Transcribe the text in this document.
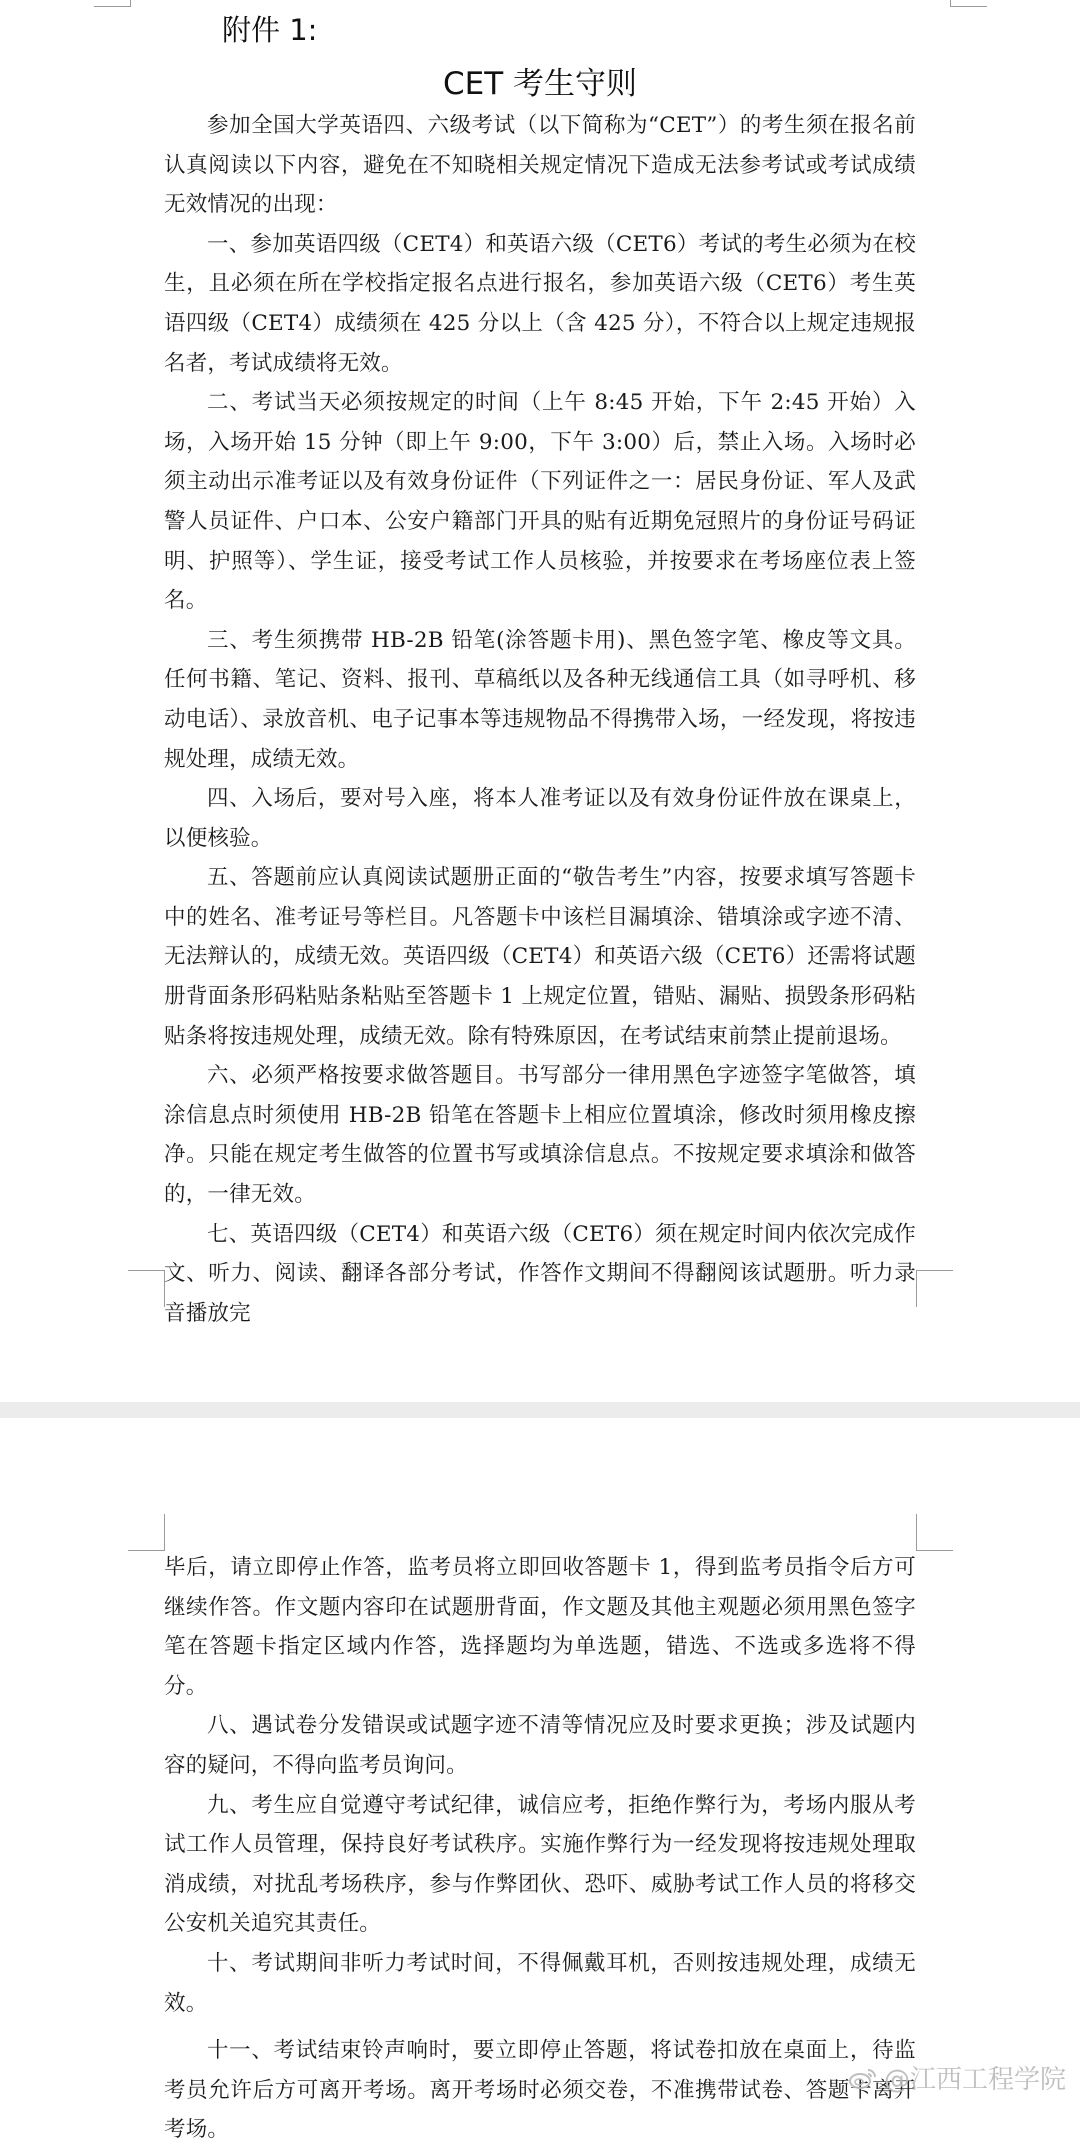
附件 1:
CET 考生守则

参加全国大学英语四、六级考试（以下简称为“CET”）的考生须在报名前认真阅读以下内容，避免在不知晓相关规定情况下造成无法参考试或考试成绩无效情况的出现：

一、参加英语四级（CET4）和英语六级（CET6）考试的考生必须为在校生，且必须在所在学校指定报名点进行报名，参加英语六级（CET6）考生英语四级（CET4）成绩须在 425 分以上（含 425 分），不符合以上规定违规报名者，考试成绩将无效。

二、考试当天必须按规定的时间（上午 8:45 开始，下午 2:45 开始）入场，入场开始 15 分钟（即上午 9:00，下午 3:00）后，禁止入场。入场时必须主动出示准考证以及有效身份证件（下列证件之一：居民身份证、军人及武警人员证件、户口本、公安户籍部门开具的贴有近期免冠照片的身份证号码证明、护照等）、学生证，接受考试工作人员核验，并按要求在考场座位表上签名。

三、考生须携带 HB-2B 铅笔(涂答题卡用)、黑色签字笔、橡皮等文具。任何书籍、笔记、资料、报刊、草稿纸以及各种无线通信工具（如寻呼机、移动电话）、录放音机、电子记事本等违规物品不得携带入场，一经发现，将按违规处理，成绩无效。

四、入场后，要对号入座，将本人准考证以及有效身份证件放在课桌上，以便核验。

五、答题前应认真阅读试题册正面的“敬告考生”内容，按要求填写答题卡中的姓名、准考证号等栏目。凡答题卡中该栏目漏填涂、错填涂或字迹不清、无法辩认的，成绩无效。英语四级（CET4）和英语六级（CET6）还需将试题册背面条形码粘贴条粘贴至答题卡 1 上规定位置，错贴、漏贴、损毁条形码粘贴条将按违规处理，成绩无效。除有特殊原因，在考试结束前禁止提前退场。

六、必须严格按要求做答题目。书写部分一律用黑色字迹签字笔做答，填涂信息点时须使用 HB-2B 铅笔在答题卡上相应位置填涂，修改时须用橡皮擦净。只能在规定考生做答的位置书写或填涂信息点。不按规定要求填涂和做答的，一律无效。

七、英语四级（CET4）和英语六级（CET6）须在规定时间内依次完成作文、听力、阅读、翻译各部分考试，作答作文期间不得翻阅该试题册。听力录音播放完

毕后，请立即停止作答，监考员将立即回收答题卡 1，得到监考员指令后方可继续作答。作文题内容印在试题册背面，作文题及其他主观题必须用黑色签字笔在答题卡指定区域内作答，选择题均为单选题，错选、不选或多选将不得分。

八、遇试卷分发错误或试题字迹不清等情况应及时要求更换；涉及试题内容的疑问，不得向监考员询问。

九、考生应自觉遵守考试纪律，诚信应考，拒绝作弊行为，考场内服从考试工作人员管理，保持良好考试秩序。实施作弊行为一经发现将按违规处理取消成绩，对扰乱考场秩序，参与作弊团伙、恐吓、威胁考试工作人员的将移交公安机关追究其责任。

十、考试期间非听力考试时间，不得佩戴耳机，否则按违规处理，成绩无效。

十一、考试结束铃声响时，要立即停止答题，将试卷扣放在桌面上，待监考员允许后方可离开考场。离开考场时必须交卷，不准携带试卷、答题卡离开考场。

@江西工程学院
